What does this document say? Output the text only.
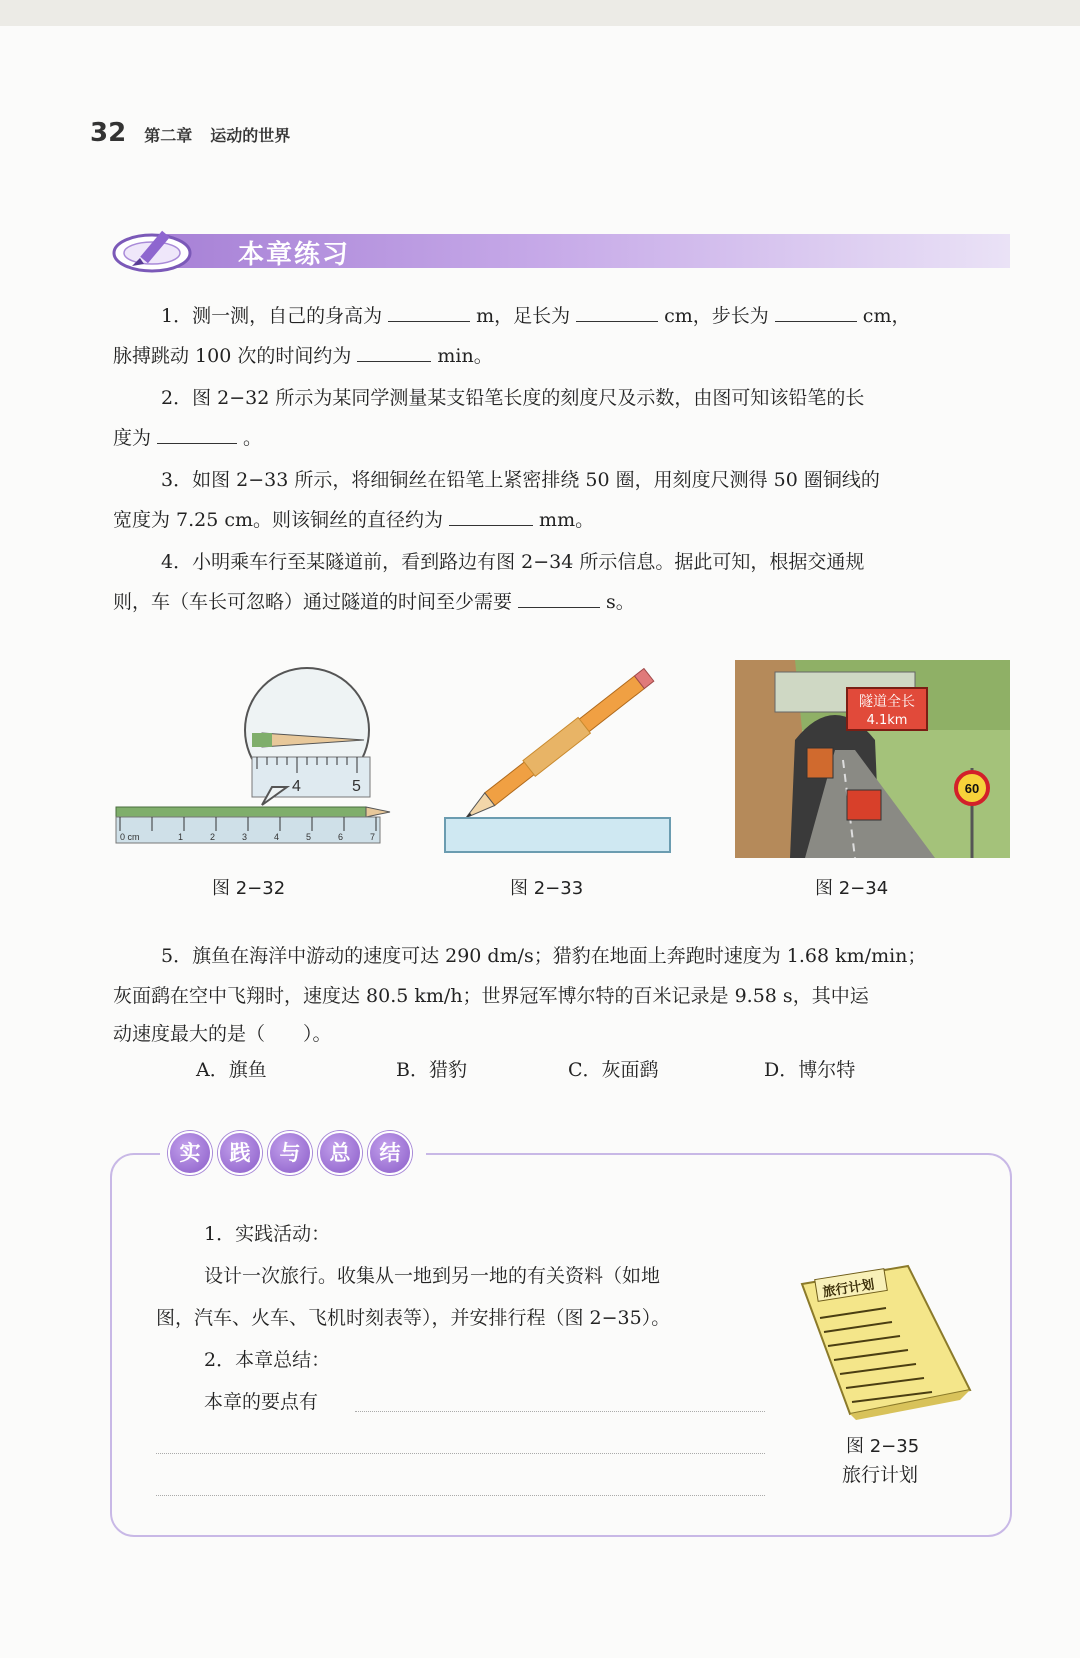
32 第二章 运动的世界
本章练习
1．测一测，自己的身高为	m，足长为	cm，步长为	cm，
脉搏跳动 100 次的时间约为	min。
2．图 2−32 所示为某同学测量某支铅笔长度的刻度尺及示数，由图可知该铅笔的长
度为	。
3．如图 2−33 所示，将细铜丝在铅笔上紧密排绕 50 圈，用刻度尺测得 50 圈铜线的
宽度为 7.25 cm。则该铜丝的直径约为	mm。
4．小明乘车行至某隧道前，看到路边有图 2−34 所示信息。据此可知，根据交通规
则，车（车长可忽略）通过隧道的时间至少需要	s。
4	5
0 cm	1	2	3	4	5	6	7
图 2−32	图 2−33
隧道全长
4.1km
60
图 2−34
5．旗鱼在海洋中游动的速度可达 290 dm/s；猎豹在地面上奔跑时速度为 1.68 km/min；
灰面鹞在空中飞翔时，速度达 80.5 km/h；世界冠军博尔特的百米记录是 9.58 s，其中运
动速度最大的是（　　）。
A．旗鱼	B．猎豹	C．灰面鹞	D．博尔特
实	践	与	总	结
1．实践活动：
设计一次旅行。收集从一地到另一地的有关资料（如地
图，汽车、火车、飞机时刻表等），并安排行程（图 2−35）。
2．本章总结：
本章的要点有
旅行计划
图 2−35
旅行计划
